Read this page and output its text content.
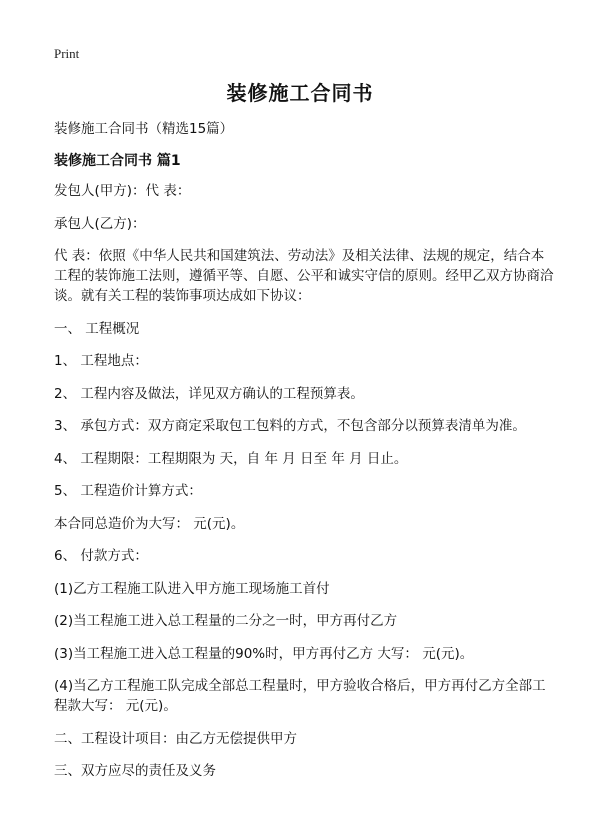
Print
装修施工合同书
装修施工合同书（精选15篇）
装修施工合同书 篇1

发包人(甲方)：代 表：

承包人(乙方)：

代 表：依照《中华人民共和国建筑法、劳动法》及相关法律、法规的规定，结合本工程的装饰施工法则，遵循平等、自愿、公平和诚实守信的原则。经甲乙双方协商洽谈。就有关工程的装饰事项达成如下协议：

一、 工程概况

1、 工程地点：

2、 工程内容及做法，详见双方确认的工程预算表。

3、 承包方式：双方商定采取包工包料的方式，不包含部分以预算表清单为准。

4、 工程期限：工程期限为 天，自 年 月 日至 年 月 日止。

5、 工程造价计算方式：

本合同总造价为大写： 元(元)。

6、 付款方式：

(1)乙方工程施工队进入甲方施工现场施工首付

(2)当工程施工进入总工程量的二分之一时，甲方再付乙方

(3)当工程施工进入总工程量的90%时，甲方再付乙方 大写： 元(元)。

(4)当乙方工程施工队完成全部总工程量时，甲方验收合格后，甲方再付乙方全部工程款大写： 元(元)。

二、工程设计项目：由乙方无偿提供甲方

三、双方应尽的责任及义务
